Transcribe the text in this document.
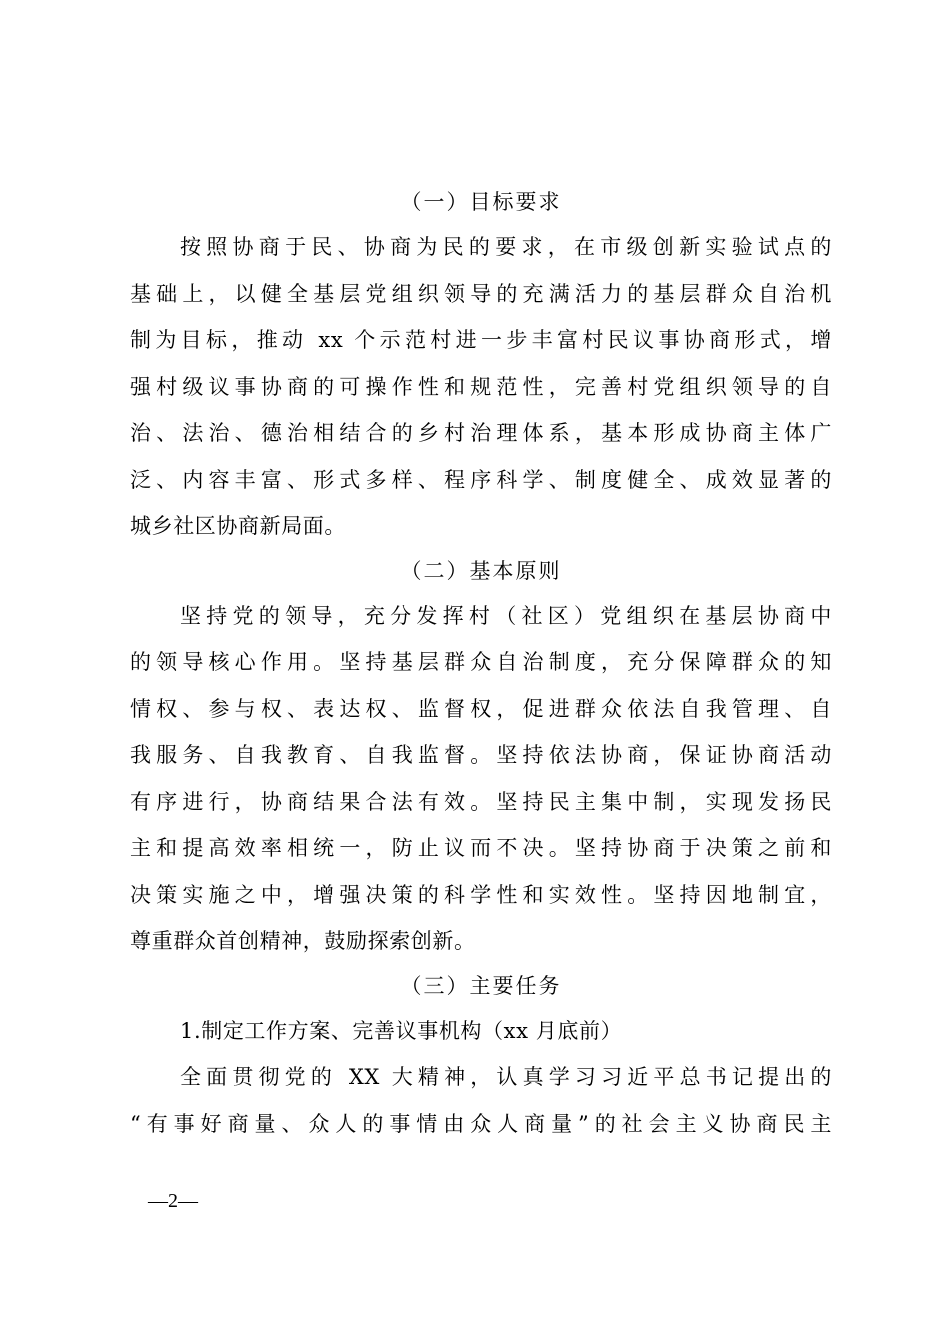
（一）目标要求
按照协商于民、协商为民的要求，在市级创新实验试点的
基础上，以健全基层党组织领导的充满活力的基层群众自治机
制为目标，推动 xx 个示范村进一步丰富村民议事协商形式，增
强村级议事协商的可操作性和规范性，完善村党组织领导的自
治、法治、德治相结合的乡村治理体系，基本形成协商主体广
泛、内容丰富、形式多样、程序科学、制度健全、成效显著的
城乡社区协商新局面。
（二）基本原则
坚持党的领导，充分发挥村（社区）党组织在基层协商中
的领导核心作用。坚持基层群众自治制度，充分保障群众的知
情权、参与权、表达权、监督权，促进群众依法自我管理、自
我服务、自我教育、自我监督。坚持依法协商，保证协商活动
有序进行，协商结果合法有效。坚持民主集中制，实现发扬民
主和提高效率相统一，防止议而不决。坚持协商于决策之前和
决策实施之中，增强决策的科学性和实效性。坚持因地制宜，
尊重群众首创精神，鼓励探索创新。
（三）主要任务
1.制定工作方案、完善议事机构（xx 月底前）
全面贯彻党的 XX 大精神，认真学习习近平总书记提出的
“有事好商量、众人的事情由众人商量”的社会主义协商民主
—2—
